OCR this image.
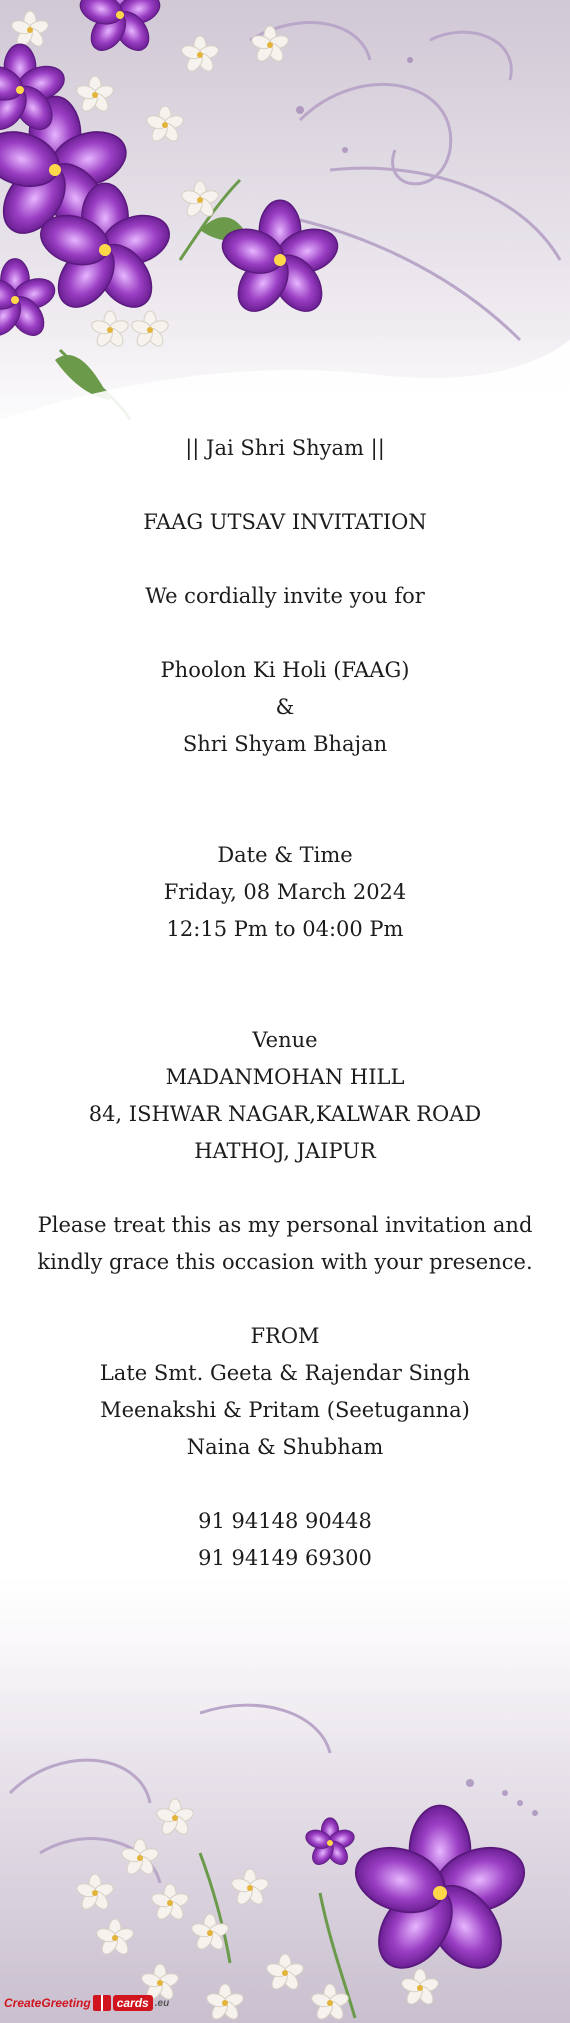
|| Jai Shri Shyam ||
FAAG UTSAV INVITATION
We cordially invite you for
Phoolon Ki Holi (FAAG)
&
Shri Shyam Bhajan
Date & Time
Friday, 08 March 2024
12:15 Pm to 04:00 Pm
Venue
MADANMOHAN HILL
84, ISHWAR NAGAR,KALWAR ROAD
HATHOJ, JAIPUR
Please treat this as my personal invitation and
kindly grace this occasion with your presence.
FROM
Late Smt. Geeta & Rajendar Singh
Meenakshi & Pritam (Seetuganna)
Naina & Shubham
91 94148 90448
91 94149 69300
CreateGreeting	cards .eu
